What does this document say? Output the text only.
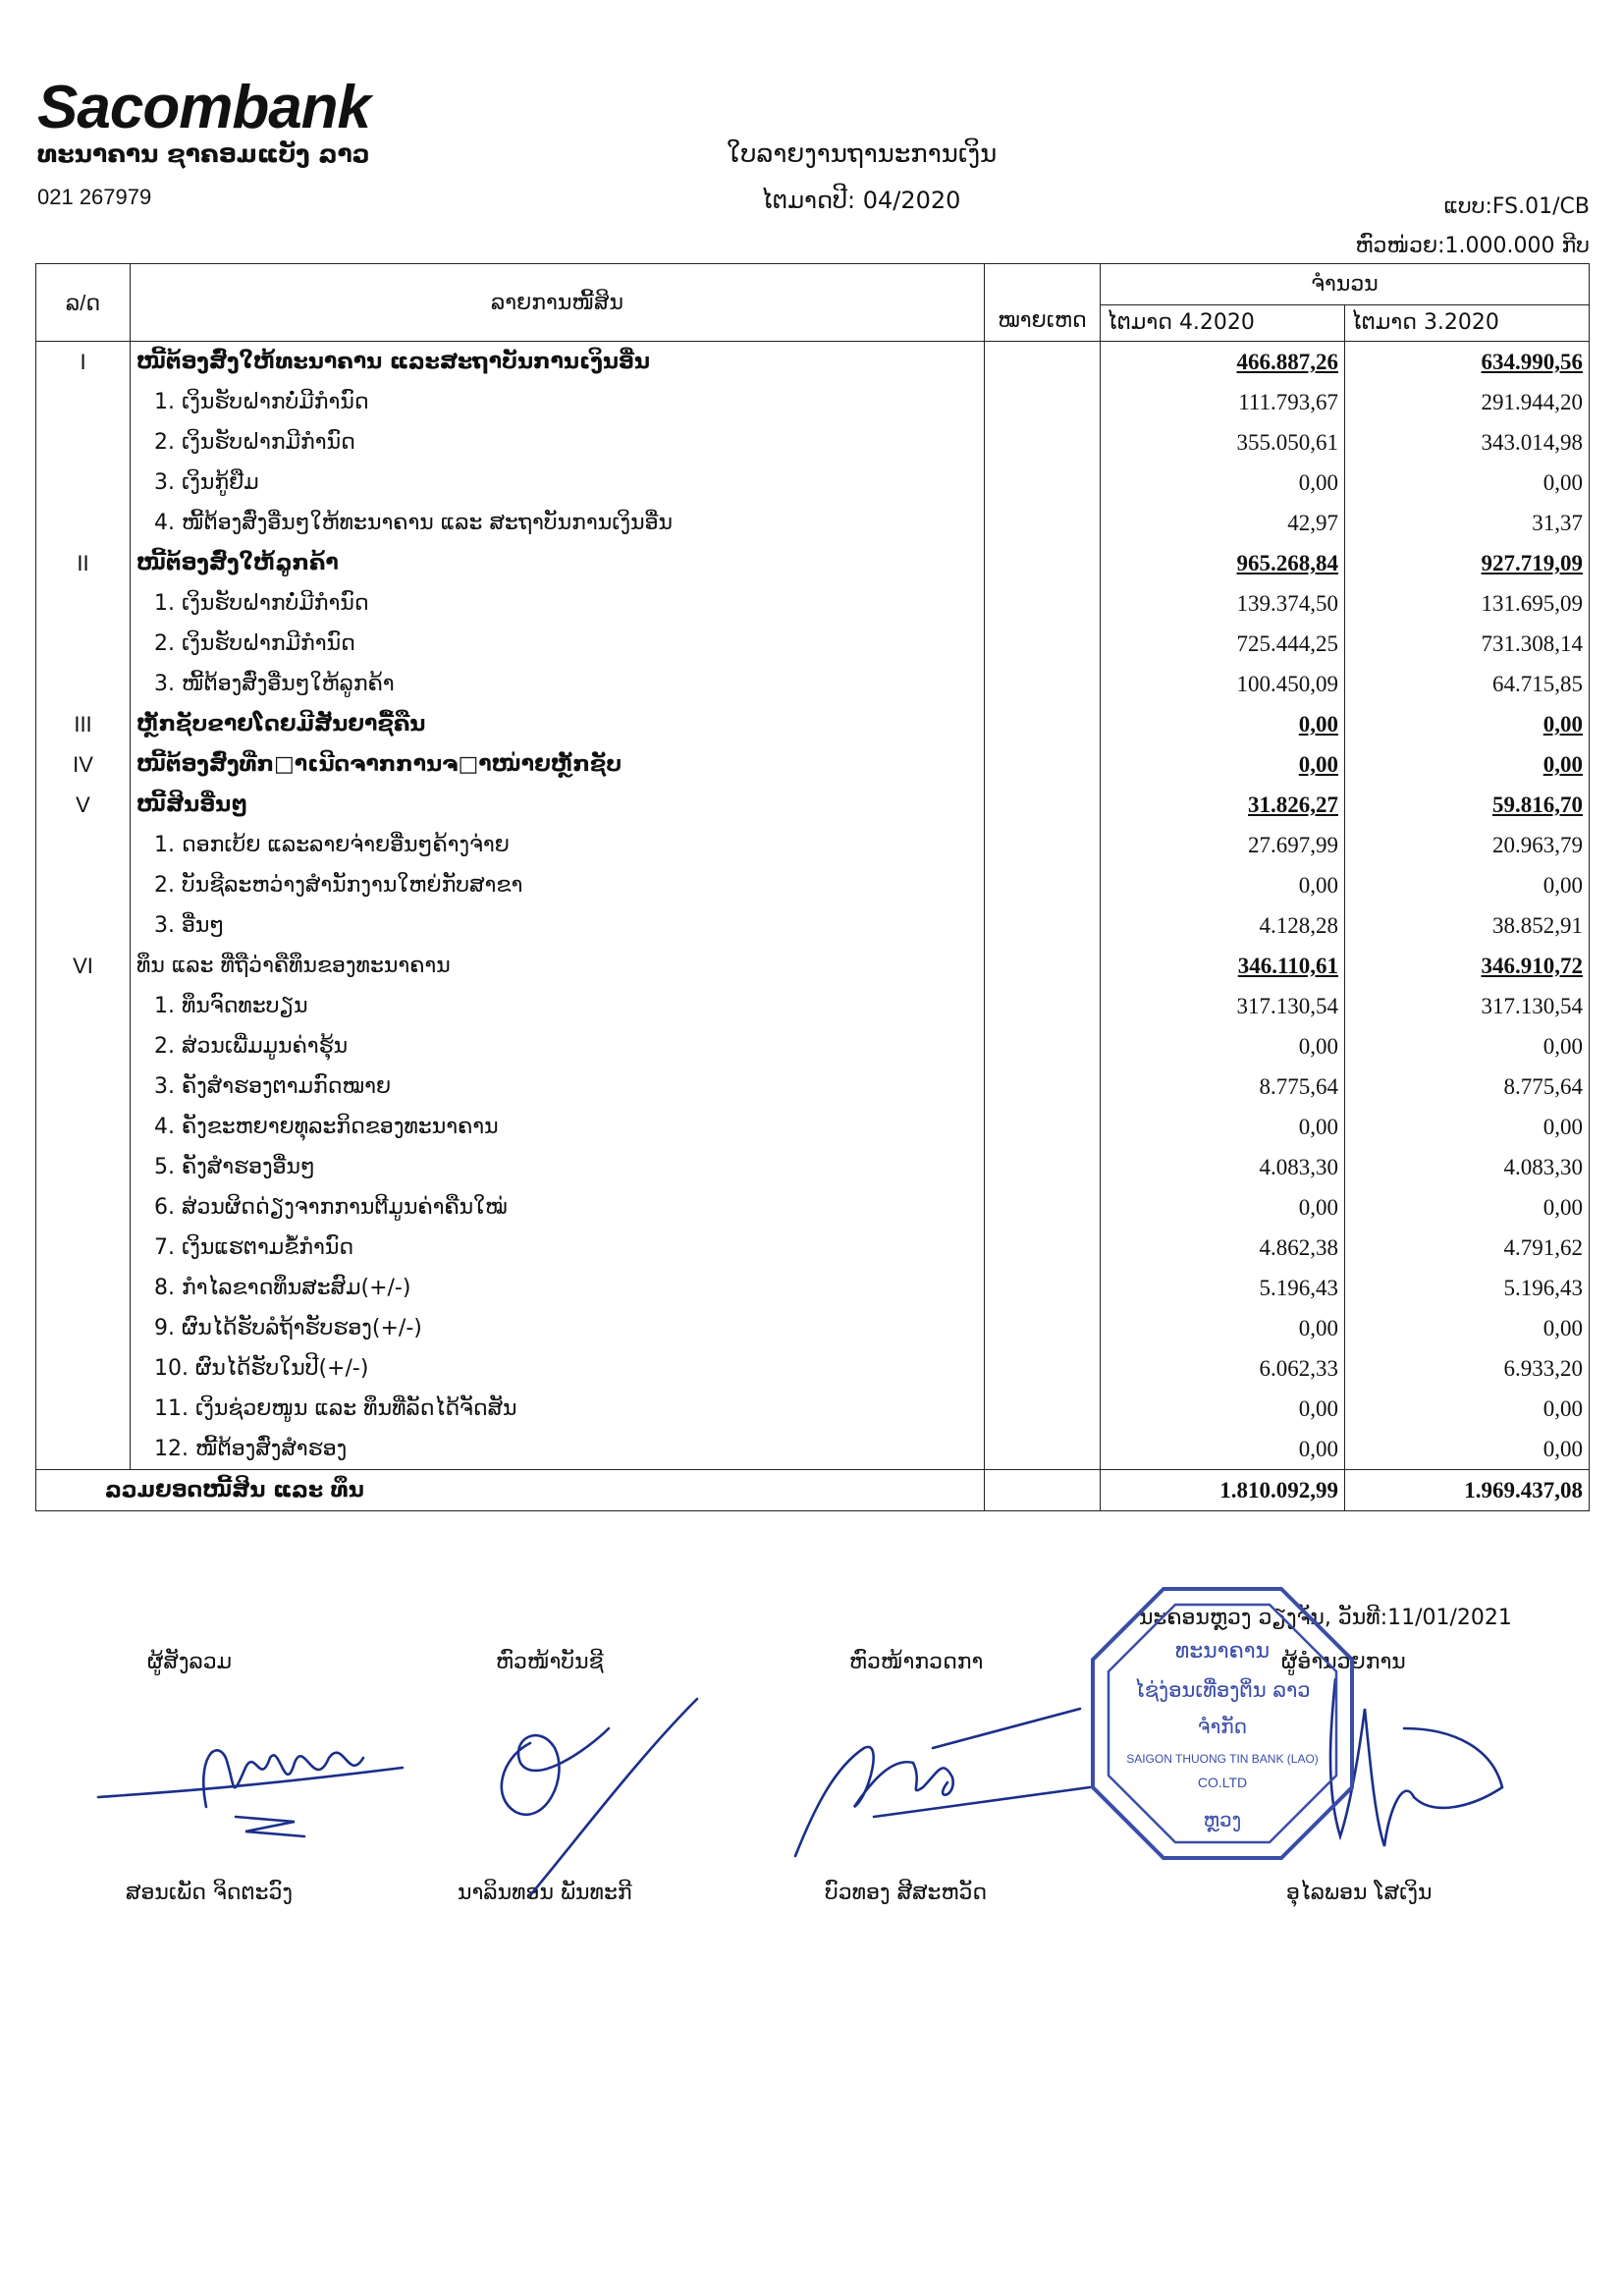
Sacombank
ທະນາຄານ ຊາຄອມແບັງ ລາວ
021 267979
ໃບລາຍງານຖານະການເງິນ
ໄຕມາດປີ: 04/2020	ແບບ:FS.01/CB
ຫົວໜ່ວຍ:1.000.000 ກີບ
ລ/ດ	ລາຍການໜີ້ສິນ	ໝາຍເຫດ	ຈຳນວນ	
			ໄຕມາດ 4.2020	ໄຕມາດ 3.2020
I	ໜີ້ຕ້ອງສົ່ງໃຫ້ທະນາຄານ ແລະສະຖາບັນການເງິນອື່ນ		466.887,26	634.990,56
	1. ເງິນຮັບຝາກບໍ່ມີກຳນົດ		111.793,67	291.944,20
	2. ເງິນຮັບຝາກມີກຳນົດ		355.050,61	343.014,98
	3. ເງິນກູ້ຢືມ		0,00	0,00
	4. ໜີ້ຕ້ອງສົ່ງອື່ນໆໃຫ້ທະນາຄານ ແລະ ສະຖາບັນການເງິນອື່ນ		42,97	31,37
II	ໜີ້ຕ້ອງສົ່ງໃຫ້ລູກຄ້າ		965.268,84	927.719,09
	1. ເງິນຮັບຝາກບໍ່ມີກຳນົດ		139.374,50	131.695,09
	2. ເງິນຮັບຝາກມີກຳນົດ		725.444,25	731.308,14
	3. ໜີ້ຕ້ອງສົ່ງອື່ນໆໃຫ້ລູກຄ້າ		100.450,09	64.715,85
III	ຫຼັກຊັບຂາຍໂດຍມີສັນຍາຊື້ຄືນ		0,00	0,00
IV	ໜີ້ຕ້ອງສົ່ງທີ່ກ□າເນີດຈາກການຈ□າໜ່າຍຫຼັກຊັບ		0,00	0,00
V	ໜີ້ສິນອື່ນໆ		31.826,27	59.816,70
	1. ດອກເບ້ຍ ແລະລາຍຈ່າຍອື່ນໆຄ້າງຈ່າຍ		27.697,99	20.963,79
	2. ບັນຊີລະຫວ່າງສຳນັກງານໃຫຍ່ກັບສາຂາ		0,00	0,00
	3. ອື່ນໆ		4.128,28	38.852,91
VI	ທຶນ ແລະ ທີ່ຖືວ່າຄືທຶນຂອງທະນາຄານ		346.110,61	346.910,72
	1. ທຶນຈົດທະບຽນ		317.130,54	317.130,54
	2. ສ່ວນເພີ່ມມູນຄ່າຮຸ້ນ		0,00	0,00
	3. ຄັງສຳຮອງຕາມກົດໝາຍ		8.775,64	8.775,64
	4. ຄັງຂະຫຍາຍທຸລະກິດຂອງທະນາຄານ		0,00	0,00
	5. ຄັງສຳຮອງອື່ນໆ		4.083,30	4.083,30
	6. ສ່ວນຜິດດ່ຽງຈາກການຕີມູນຄ່າຄືນໃໝ່		0,00	0,00
	7. ເງິນແຮຕາມຂໍ້ກຳນົດ		4.862,38	4.791,62
	8. ກຳໄລຂາດທຶນສະສົມ(+/-)		5.196,43	5.196,43
	9. ຜົນໄດ້ຮັບລໍຖ້າຮັບຮອງ(+/-)		0,00	0,00
	10. ຜົນໄດ້ຮັບໃນປີ(+/-)		6.062,33	6.933,20
	11. ເງິນຊ່ວຍໜູນ ແລະ ທຶນທີ່ລັດໄດ້ຈັດສັນ		0,00	0,00
	12. ໜີ້ຕ້ອງສົ່ງສຳຮອງ		0,00	0,00
ລວມຍອດໜີ້ສິນ ແລະ ທຶນ			1.810.092,99	1.969.437,08
ນະຄອນຫຼວງ ວຽງຈັນ, ວັນທີ:11/01/2021
ຜູ້ສັງລວມ	ຫົວໜ້າບັນຊີ	ຫົວໜ້າກວດກາ	ຜູ້ອຳນວຍການ
ສອນເພັດ ຈິດຕະວົງ	ນາລິນທອນ ພັນທະກີ	ບົວທອງ ສີສະຫວັດ	ອຸໄລພອນ ໂສເງິນ
ທະນາຄານ
ໄຊ່ງ່ອນເທື່ອງຕິ່ນ ລາວ
ຈຳກັດ
SAIGON THUONG TIN BANK (LAO)
CO.LTD
ຫຼວງ
